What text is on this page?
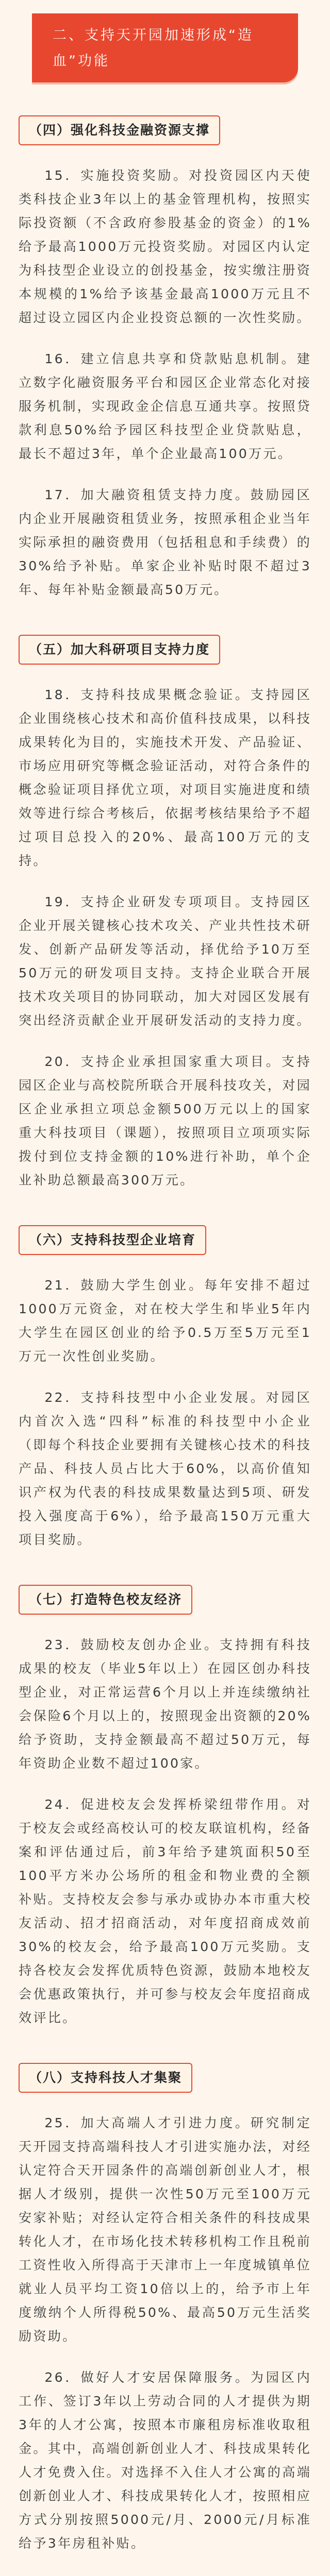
二、支持天开园加速形成“造血”功能
（四）强化科技金融资源支撑

15．实施投资奖励。对投资园区内天使类科技企业3年以上的基金管理机构，按照实际投资额（不含政府参股基金的资金）的1%给予最高1000万元投资奖励。对园区内认定为科技型企业设立的创投基金，按实缴注册资本规模的1%给予该基金最高1000万元且不超过设立园区内企业投资总额的一次性奖励。

16．建立信息共享和贷款贴息机制。建立数字化融资服务平台和园区企业常态化对接服务机制，实现政金企信息互通共享。按照贷款利息50%给予园区科技型企业贷款贴息，最长不超过3年，单个企业最高100万元。

17．加大融资租赁支持力度。鼓励园区内企业开展融资租赁业务，按照承租企业当年实际承担的融资费用（包括租息和手续费）的30%给予补贴。单家企业补贴时限不超过3年、每年补贴金额最高50万元。

（五）加大科研项目支持力度

18．支持科技成果概念验证。支持园区企业围绕核心技术和高价值科技成果，以科技成果转化为目的，实施技术开发、产品验证、市场应用研究等概念验证活动，对符合条件的概念验证项目择优立项，对项目实施进度和绩效等进行综合考核后，依据考核结果给予不超过项目总投入的20%、最高100万元的支持。

19．支持企业研发专项项目。支持园区企业开展关键核心技术攻关、产业共性技术研发、创新产品研发等活动，择优给予10万至50万元的研发项目支持。支持企业联合开展技术攻关项目的协同联动，加大对园区发展有突出经济贡献企业开展研发活动的支持力度。

20．支持企业承担国家重大项目。支持园区企业与高校院所联合开展科技攻关，对园区企业承担立项总金额500万元以上的国家重大科技项目（课题），按照项目立项项实际拨付到位支持金额的10%进行补助，单个企业补助总额最高300万元。

（六）支持科技型企业培育

21．鼓励大学生创业。每年安排不超过1000万元资金，对在校大学生和毕业5年内大学生在园区创业的给予0.5万至5万元至1万元一次性创业奖励。

22．支持科技型中小企业发展。对园区内首次入选“四科”标准的科技型中小企业（即每个科技企业要拥有关键核心技术的科技产品、科技人员占比大于60%，以高价值知识产权为代表的科技成果数量达到5项、研发投入强度高于6%），给予最高150万元重大项目奖励。

（七）打造特色校友经济

23．鼓励校友创办企业。支持拥有科技成果的校友（毕业5年以上）在园区创办科技型企业，对正常运营6个月以上并连续缴纳社会保险6个月以上的，按照现金出资额的20%给予资助，支持金额最高不超过50万元，每年资助企业数不超过100家。

24．促进校友会发挥桥梁纽带作用。对于校友会或经高校认可的校友联谊机构，经备案和评估通过后，前3年给予建筑面积50至100平方米办公场所的租金和物业费的全额补贴。支持校友会参与承办或协办本市重大校友活动、招才招商活动，对年度招商成效前30%的校友会，给予最高100万元奖励。支持各校友会发挥优质特色资源，鼓励本地校友会优惠政策执行，并可参与校友会年度招商成效评比。

（八）支持科技人才集聚

25．加大高端人才引进力度。研究制定天开园支持高端科技人才引进实施办法，对经认定符合天开园条件的高端创新创业人才，根据人才级别，提供一次性50万元至100万元安家补贴；对经认定符合相关条件的科技成果转化人才，在市场化技术转移机构工作且税前工资性收入所得高于天津市上一年度城镇单位就业人员平均工资10倍以上的，给予市上年度缴纳个人所得税50%、最高50万元生活奖励资助。

26．做好人才安居保障服务。为园区内工作、签订3年以上劳动合同的人才提供为期3年的人才公寓，按照本市廉租房标准收取租金。其中，高端创新创业人才、科技成果转化人才免费入住。对选择不入住人才公寓的高端创新创业人才、科技成果转化人才，按照相应方式分别按照5000元/月、2000元/月标准给予3年房租补贴。
